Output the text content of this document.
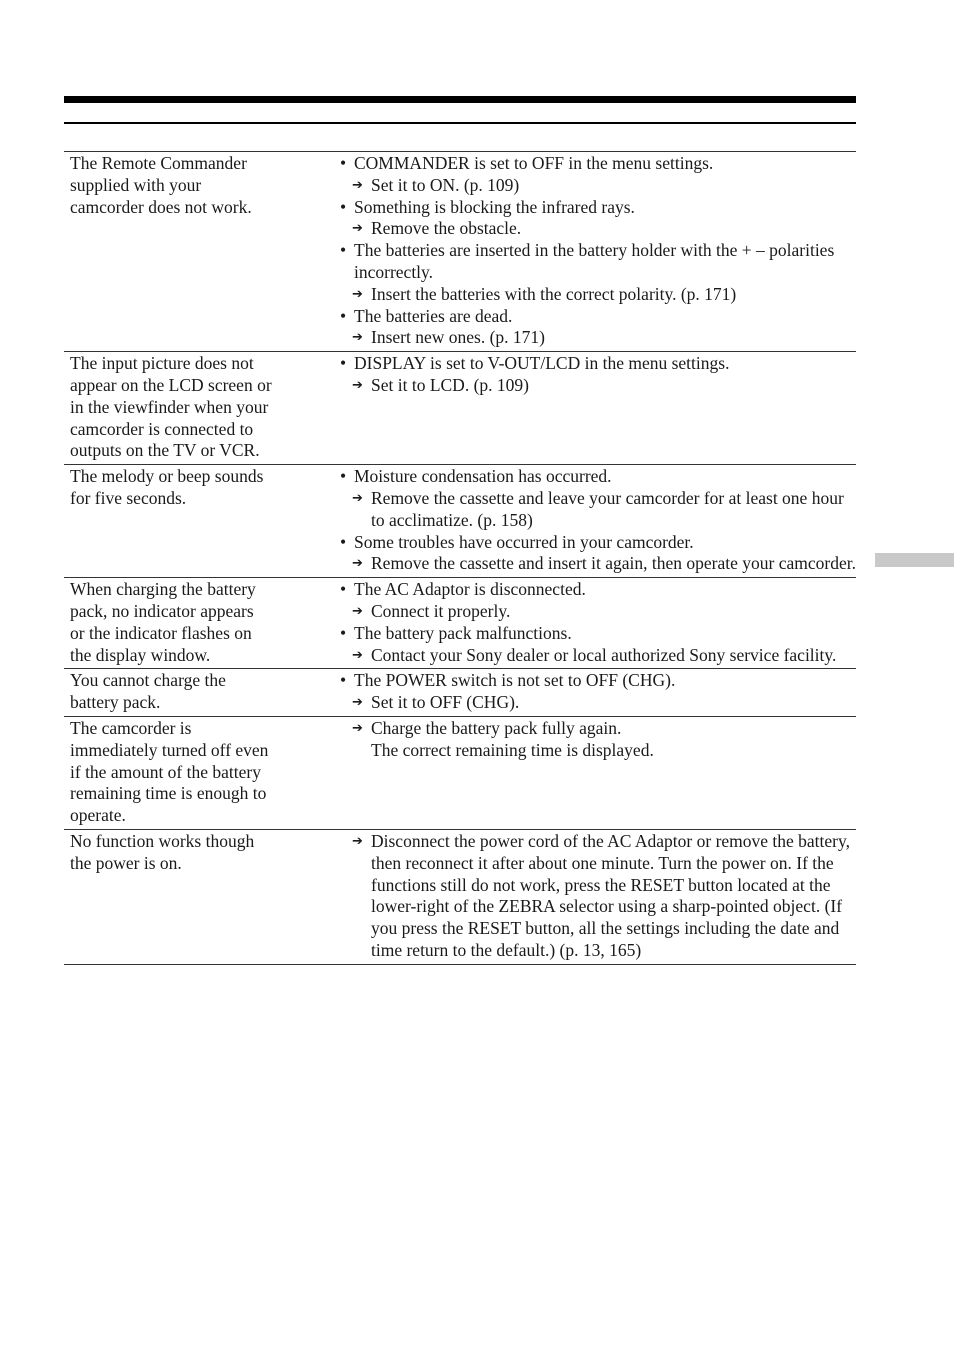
The Remote Commander
supplied with your
camcorder does not work.
• COMMANDER is set to OFF in the menu settings.
➔ Set it to ON. (p. 109)
• Something is blocking the infrared rays.
➔ Remove the obstacle.
• The batteries are inserted in the battery holder with the + – polarities incorrectly.
➔ Insert the batteries with the correct polarity. (p. 171)
• The batteries are dead.
➔ Insert new ones. (p. 171)
The input picture does not
appear on the LCD screen or
in the viewfinder when your
camcorder is connected to
outputs on the TV or VCR.
• DISPLAY is set to V-OUT/LCD in the menu settings.
➔ Set it to LCD. (p. 109)
The melody or beep sounds
for five seconds.
• Moisture condensation has occurred.
➔ Remove the cassette and leave your camcorder for at least one hour to acclimatize. (p. 158)
• Some troubles have occurred in your camcorder.
➔ Remove the cassette and insert it again, then operate your camcorder.
When charging the battery
pack, no indicator appears
or the indicator flashes on
the display window.
• The AC Adaptor is disconnected.
➔ Connect it properly.
• The battery pack malfunctions.
➔ Contact your Sony dealer or local authorized Sony service facility.
You cannot charge the
battery pack.
• The POWER switch is not set to OFF (CHG).
➔ Set it to OFF (CHG).
The camcorder is
immediately turned off even
if the amount of the battery
remaining time is enough to
operate.
➔ Charge the battery pack fully again.
The correct remaining time is displayed.
No function works though
the power is on.
➔ Disconnect the power cord of the AC Adaptor or remove the battery, then reconnect it after about one minute. Turn the power on. If the functions still do not work, press the RESET button located at the lower-right of the ZEBRA selector using a sharp-pointed object. (If you press the RESET button, all the settings including the date and time return to the default.) (p. 13, 165)
